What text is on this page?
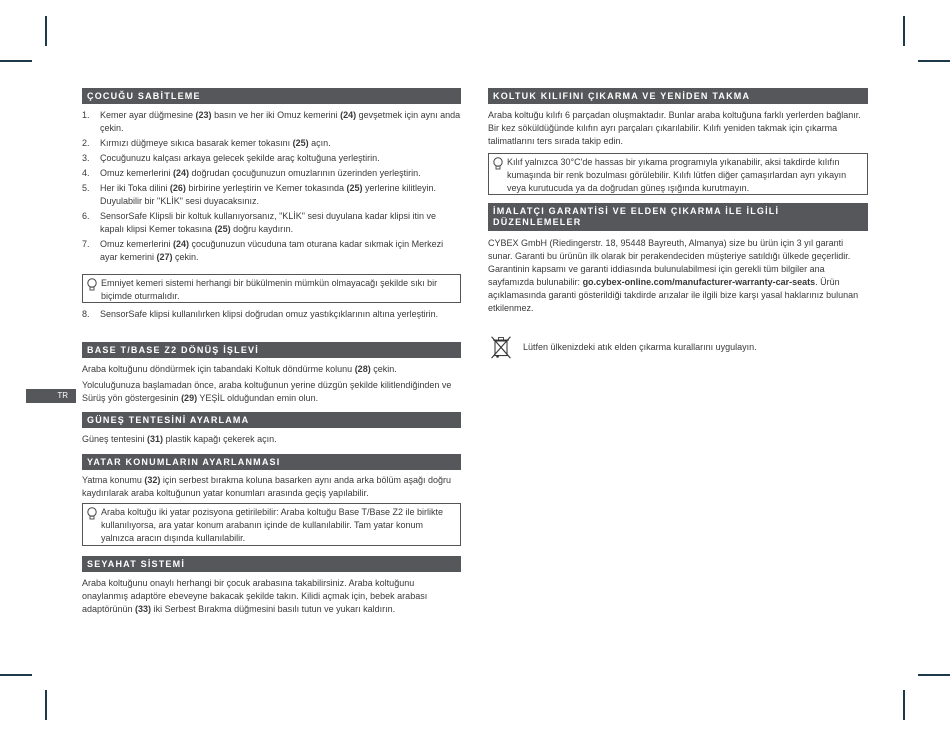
TR
ÇOCUĞU SABİTLEME
1. Kemer ayar düğmesine (23) basın ve her iki Omuz kemerini (24) gevşetmek için aynı anda çekin.
2. Kırmızı düğmeye sıkıca basarak kemer tokasını (25) açın.
3. Çocuğunuzu kalçası arkaya gelecek şekilde araç koltuğuna yerleştirin.
4. Omuz kemerlerini (24) doğrudan çocuğunuzun omuzlarının üzerinden yerleştirin.
5. Her iki Toka dilini (26) birbirine yerleştirin ve Kemer tokasında (25) yerlerine kilitleyin. Duyulabilir bir "KLİK" sesi duyacaksınız.
6. SensorSafe Klipsli bir koltuk kullanıyorsanız, "KLİK" sesi duyulana kadar klipsi itin ve kapalı klipsi Kemer tokasına (25) doğru kaydırın.
7. Omuz kemerlerini (24) çocuğunuzun vücuduna tam oturana kadar sıkmak için Merkezi ayar kemerini (27) çekin.
Emniyet kemeri sistemi herhangi bir bükülmenin mümkün olmayacağı şekilde sıkı bir biçimde oturmalıdır.
8. SensorSafe klipsi kullanılırken klipsi doğrudan omuz yastıkçıklarının altına yerleştirin.
BASE T/BASE Z2 DÖNÜŞ İŞLEVİ
Araba koltuğunu döndürmek için tabandaki Koltuk döndürme kolunu (28) çekin.
Yolculuğunuza başlamadan önce, araba koltuğunun yerine düzgün şekilde kilitlendiğinden ve Sürüş yön göstergesinin (29) YEŞİL olduğundan emin olun.
GÜNEŞ TENTESİNİ AYARLAMA
Güneş tentesini (31) plastik kapağı çekerek açın.
YATAR KONUMLARIN AYARLANMASI
Yatma konumu (32) için serbest bırakma koluna basarken aynı anda arka bölüm aşağı doğru kaydırılarak araba koltuğunun yatar konumları arasında geçiş yapılabilir.
Araba koltuğu iki yatar pozisyona getirilebilir: Araba koltuğu Base T/Base Z2 ile birlikte kullanılıyorsa, ara yatar konum arabanın içinde de kullanılabilir. Tam yatar konum yalnızca aracın dışında kullanılabilir.
SEYAHAT SİSTEMİ
Araba koltuğunu onaylı herhangi bir çocuk arabasına takabilirsiniz. Araba koltuğunu onaylanmış adaptöre ebeveyne bakacak şekilde takın. Kilidi açmak için, bebek arabası adaptörünün (33) iki Serbest Bırakma düğmesini basılı tutun ve yukarı kaldırın.
KOLTUK KILIFINI ÇIKARMA VE YENİDEN TAKMA
Araba koltuğu kılıfı 6 parçadan oluşmaktadır. Bunlar araba koltuğuna farklı yerlerden bağlanır. Bir kez söküldüğünde kılıfın ayrı parçaları çıkarılabilir. Kılıfı yeniden takmak için çıkarma talimatlarını ters sırada takip edin.
Kılıf yalnızca 30°C'de hassas bir yıkama programıyla yıkanabilir, aksi takdirde kılıfın kumaşında bir renk bozulması görülebilir. Kılıfı lütfen diğer çamaşırlardan ayrı yıkayın veya kurutucuda ya da doğrudan güneş ışığında kurutmayın.
İMALATÇI GARANTİSİ VE ELDEN ÇIKARMA İLE İLGİLİ DÜZENLEMELER
CYBEX GmbH (Riedingerstr. 18, 95448 Bayreuth, Almanya) size bu ürün için 3 yıl garanti sunar. Garanti bu ürünün ilk olarak bir perakendeciden müşteriye satıldığı ülkede geçerlidir. Garantinin kapsamı ve garanti iddiasında bulunulabilmesi için gerekli tüm bilgiler ana sayfamızda bulunabilir: go.cybex-online.com/manufacturer-warranty-car-seats. Ürün açıklamasında garanti gösterildiği takdirde arızalar ile ilgili bize karşı yasal haklarınız bulunan etkilenmez.
Lütfen ülkenizdeki atık elden çıkarma kurallarını uygulayın.
